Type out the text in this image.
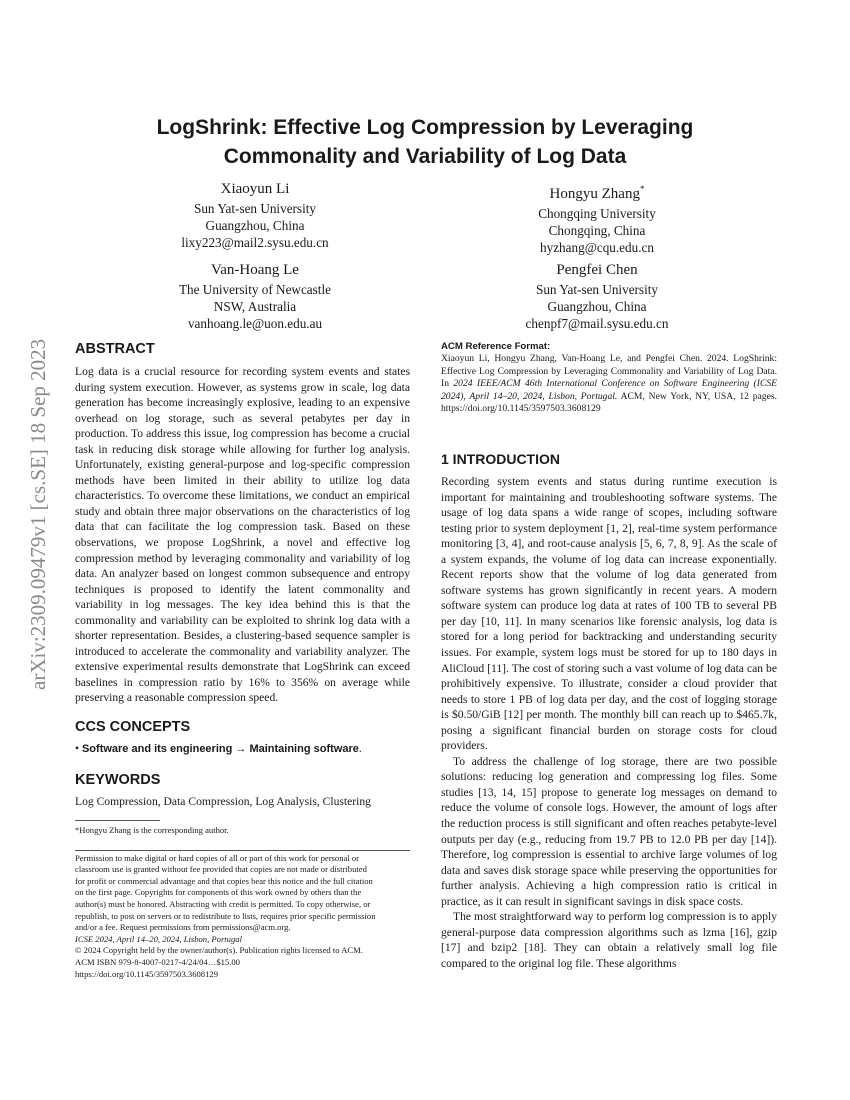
arXiv:2309.09479v1 [cs.SE] 18 Sep 2023
LogShrink: Effective Log Compression by Leveraging
Commonality and Variability of Log Data
Xiaoyun Li
Sun Yat-sen University
Guangzhou, China
lixy223@mail2.sysu.edu.cn
Hongyu Zhang*
Chongqing University
Chongqing, China
hyzhang@cqu.edu.cn
Van-Hoang Le
The University of Newcastle
NSW, Australia
vanhoang.le@uon.edu.au
Pengfei Chen
Sun Yat-sen University
Guangzhou, China
chenpf7@mail.sysu.edu.cn
ABSTRACT

Log data is a crucial resource for recording system events and states during system execution. However, as systems grow in scale, log data generation has become increasingly explosive, leading to an expensive overhead on log storage, such as several petabytes per day in production. To address this issue, log compression has become a crucial task in reducing disk storage while allowing for further log analysis. Unfortunately, existing general-purpose and log-specific compression methods have been limited in their ability to utilize log data characteristics. To overcome these limitations, we conduct an empirical study and obtain three major observations on the characteristics of log data that can facilitate the log compression task. Based on these observations, we propose LogShrink, a novel and effective log compression method by leveraging commonality and variability of log data. An analyzer based on longest common subsequence and entropy techniques is proposed to identify the latent commonality and variability in log messages. The key idea behind this is that the commonality and variability can be exploited to shrink log data with a shorter representation. Besides, a clustering-based sequence sampler is introduced to accelerate the commonality and variability analyzer. The extensive experimental results demonstrate that LogShrink can exceed baselines in compression ratio by 16% to 356% on average while preserving a reasonable compression speed.

CCS CONCEPTS
• Software and its engineering → Maintaining software.
KEYWORDS

Log Compression, Data Compression, Log Analysis, Clustering

*Hongyu Zhang is the corresponding author.
Permission to make digital or hard copies of all or part of this work for personal or
classroom use is granted without fee provided that copies are not made or distributed
for profit or commercial advantage and that copies bear this notice and the full citation
on the first page. Copyrights for components of this work owned by others than the
author(s) must be honored. Abstracting with credit is permitted. To copy otherwise, or
republish, to post on servers or to redistribute to lists, requires prior specific permission
and/or a fee. Request permissions from permissions@acm.org.
ICSE 2024, April 14–20, 2024, Lisbon, Portugal
© 2024 Copyright held by the owner/author(s). Publication rights licensed to ACM.
ACM ISBN 979-8-4007-0217-4/24/04…$15.00
https://doi.org/10.1145/3597503.3608129
ACM Reference Format:
Xiaoyun Li, Hongyu Zhang, Van-Hoang Le, and Pengfei Chen. 2024. LogShrink: Effective Log Compression by Leveraging Commonality and Variability of Log Data. In 2024 IEEE/ACM 46th International Conference on Software Engineering (ICSE 2024), April 14–20, 2024, Lisbon, Portugal. ACM, New York, NY, USA, 12 pages. https://doi.org/10.1145/3597503.3608129
1 INTRODUCTION

Recording system events and status during runtime execution is important for maintaining and troubleshooting software systems. The usage of log data spans a wide range of scopes, including software testing prior to system deployment [1, 2], real-time system performance monitoring [3, 4], and root-cause analysis [5, 6, 7, 8, 9]. As the scale of a system expands, the volume of log data can increase exponentially. Recent reports show that the volume of log data generated from software systems has grown significantly in recent years. A modern software system can produce log data at rates of 100 TB to several PB per day [10, 11]. In many scenarios like forensic analysis, log data is stored for a long period for backtracking and understanding security issues. For example, system logs must be stored for up to 180 days in AliCloud [11]. The cost of storing such a vast volume of log data can be prohibitively expensive. To illustrate, consider a cloud provider that needs to store 1 PB of log data per day, and the cost of logging storage is $0.50/GiB [12] per month. The monthly bill can reach up to $465.7k, posing a significant financial burden on storage costs for cloud providers.

To address the challenge of log storage, there are two possible solutions: reducing log generation and compressing log files. Some studies [13, 14, 15] propose to generate log messages on demand to reduce the volume of console logs. However, the amount of logs after the reduction process is still significant and often reaches petabyte-level outputs per day (e.g., reducing from 19.7 PB to 12.0 PB per day [14]). Therefore, log compression is essential to archive large volumes of log data and saves disk storage space while preserving the opportunities for further analysis. Achieving a high compression ratio is critical in practice, as it can result in significant savings in disk space costs.

The most straightforward way to perform log compression is to apply general-purpose data compression algorithms such as lzma [16], gzip [17] and bzip2 [18]. They can obtain a relatively small log file compared to the original log file. These algorithms
